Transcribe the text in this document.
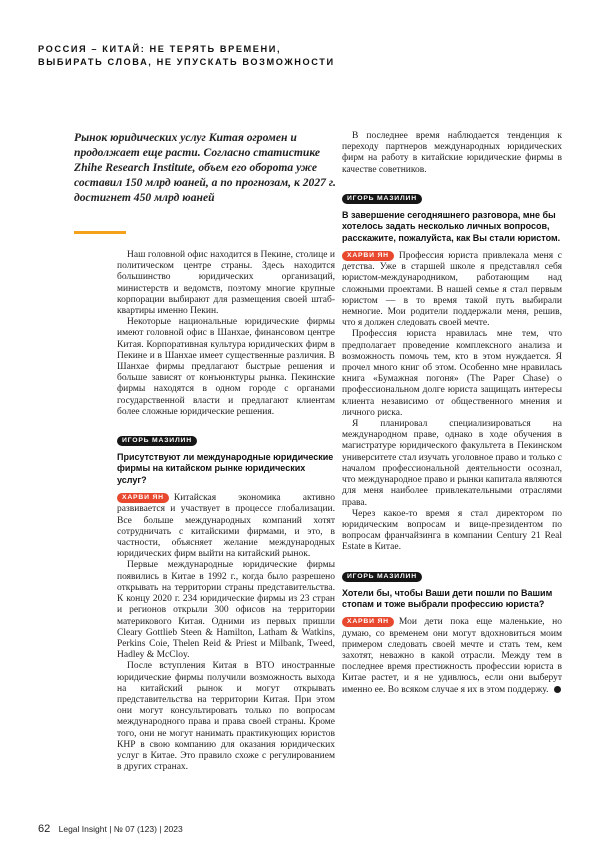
РОССИЯ – КИТАЙ: НЕ ТЕРЯТЬ ВРЕМЕНИ,
ВЫБИРАТЬ СЛОВА, НЕ УПУСКАТЬ ВОЗМОЖНОСТИ
Рынок юридических услуг Китая огромен и продолжает еще расти. Согласно статистике Zhihe Research Institute, объем его оборота уже составил 150 млрд юаней, а по прогнозам, к 2027 г. достигнет 450 млрд юаней

Наш головной офис находится в Пекине, столице и политическом центре страны. Здесь находится большинство юридических организаций, министерств и ведомств, поэтому многие крупные корпорации выбирают для размещения своей штаб-квартиры именно Пекин.

Некоторые национальные юридические фирмы имеют головной офис в Шанхае, финансовом центре Китая. Корпоративная культура юридических фирм в Пекине и в Шанхае имеет существенные различия. В Шанхае фирмы предлагают быстрые решения и больше зависят от конъюнктуры рынка. Пекинские фирмы находятся в одном городе с органами государственной власти и предлагают клиентам более сложные юридические решения.

ИГОРЬ МАЗИЛИН
Присутствуют ли международные юридические фирмы на китайском рынке юридических услуг?

ХАРВИ ЯН Китайская экономика активно развивается и участвует в процессе глобализации. Все больше международных компаний хотят сотрудничать с китайскими фирмами, и это, в частности, объясняет желание международных юридических фирм выйти на китайский рынок.

Первые международные юридические фирмы появились в Китае в 1992 г., когда было разрешено открывать на территории страны представительства. К концу 2020 г. 234 юридические фирмы из 23 стран и регионов открыли 300 офисов на территории материкового Китая. Одними из первых пришли Cleary Gottlieb Steen & Hamilton, Latham & Watkins, Perkins Coie, Thelen Reid & Priest и Milbank, Tweed, Hadley & McCloy.

После вступления Китая в ВТО иностранные юридические фирмы получили возможность выхода на китайский рынок и могут открывать представительства на территории Китая. При этом они могут консультировать только по вопросам международного права и права своей страны. Кроме того, они не могут нанимать практикующих юристов КНР в свою компанию для оказания юридических услуг в Китае. Это правило схоже с регулированием в других странах.

В последнее время наблюдается тенденция к переходу партнеров международных юридических фирм на работу в китайские юридические фирмы в качестве советников.

ИГОРЬ МАЗИЛИН
В завершение сегодняшнего разговора, мне бы хотелось задать несколько личных вопросов, расскажите, пожалуйста, как Вы стали юристом.

ХАРВИ ЯН Профессия юриста привлекала меня с детства. Уже в старшей школе я представлял себя юристом-международником, работающим над сложными проектами. В нашей семье я стал первым юристом — в то время такой путь выбирали немногие. Мои родители поддержали меня, решив, что я должен следовать своей мечте.

Профессия юриста нравилась мне тем, что предполагает проведение комплексного анализа и возможность помочь тем, кто в этом нуждается. Я прочел много книг об этом. Особенно мне нравилась книга «Бумажная погоня» (The Paper Chase) о профессиональном долге юриста защищать интересы клиента независимо от общественного мнения и личного риска.

Я планировал специализироваться на международном праве, однако в ходе обучения в магистратуре юридического факультета в Пекинском университете стал изучать уголовное право и только с началом профессиональной деятельности осознал, что международное право и рынки капитала являются для меня наиболее привлекательными отраслями права.

Через какое-то время я стал директором по юридическим вопросам и вице-президентом по вопросам франчайзинга в компании Century 21 Real Estate в Китае.

ИГОРЬ МАЗИЛИН
Хотели бы, чтобы Ваши дети пошли по Вашим стопам и тоже выбрали профессию юриста?

ХАРВИ ЯН Мои дети пока еще маленькие, но думаю, со временем они могут вдохновиться моим примером следовать своей мечте и стать тем, кем захотят, неважно в какой отрасли. Между тем в последнее время престижность профессии юриста в Китае растет, и я не удивлюсь, если они выберут именно ее. Во всяком случае я их в этом поддержу.

62 Legal Insight | № 07 (123) | 2023
